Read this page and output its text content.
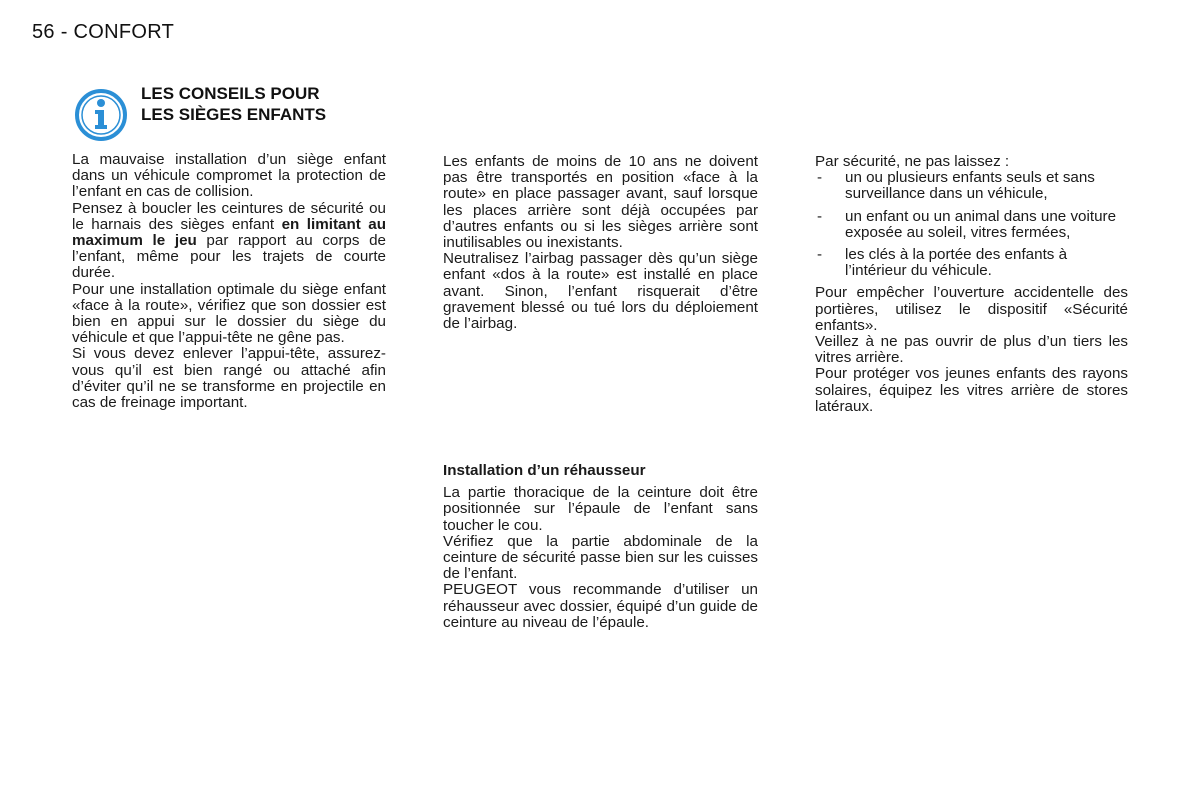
56 - CONFORT
LES CONSEILS POUR
LES SIÈGES ENFANTS

La mauvaise installation d’un siège enfant dans un véhicule compromet la protection de l’enfant en cas de collision.

Pensez à boucler les ceintures de sécurité ou le harnais des sièges enfant en limitant au maximum le jeu par rapport au corps de l’enfant, même pour les trajets de courte durée.

Pour une installation optimale du siège enfant «face à la route», vérifiez que son dossier est bien en appui sur le dossier du siège du véhicule et que l’appui-tête ne gêne pas.

Si vous devez enlever l’appui-tête, assurez-vous qu’il est bien rangé ou attaché afin d’éviter qu’il ne se transforme en projectile en cas de freinage important.

Les enfants de moins de 10 ans ne doivent pas être transportés en position «face à la route» en place passager avant, sauf lorsque les places arrière sont déjà occupées par d’autres enfants ou si les sièges arrière sont inutilisables ou inexistants.

Neutralisez l’airbag passager dès qu’un siège enfant «dos à la route» est installé en place avant. Sinon, l’enfant risquerait d’être gravement blessé ou tué lors du déploiement de l’airbag.

Installation d’un réhausseur

La partie thoracique de la ceinture doit être positionnée sur l’épaule de l’enfant sans toucher le cou.

Vérifiez que la partie abdominale de la ceinture de sécurité passe bien sur les cuisses de l’enfant.

PEUGEOT vous recommande d’utiliser un réhausseur avec dossier, équipé d’un guide de ceinture au niveau de l’épaule.

Par sécurité, ne pas laissez :

- un ou plusieurs enfants seuls et sans surveillance dans un véhicule,
- un enfant ou un animal dans une voiture exposée au soleil, vitres fermées,
- les clés à la portée des enfants à l’intérieur du véhicule.

Pour empêcher l’ouverture accidentelle des portières, utilisez le dispositif «Sécurité enfants».

Veillez à ne pas ouvrir de plus d’un tiers les vitres arrière.

Pour protéger vos jeunes enfants des rayons solaires, équipez les vitres arrière de stores latéraux.
